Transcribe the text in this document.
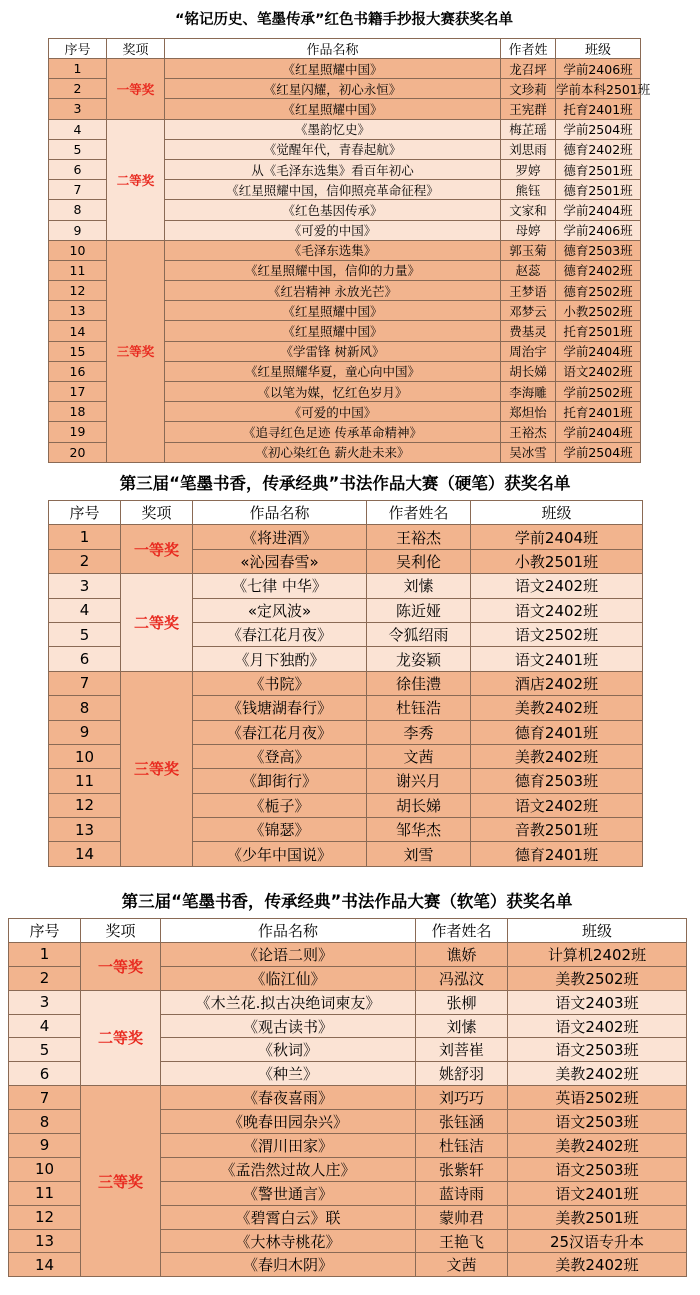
“铭记历史、笔墨传承”红色书籍手抄报大赛获奖名单
序号	奖项	作品名称	作者姓	班级
1	一等奖	《红星照耀中国》	龙召坪	学前2406班
2		《红星闪耀，初心永恒》	文珍莉	学前本科2501班
3		《红星照耀中国》	王宪群	托育2401班
4	二等奖	《墨韵忆史》	梅芷瑶	学前2504班
5		《觉醒年代，青春起航》	刘思雨	德育2402班
6		从《毛泽东选集》看百年初心	罗婷	德育2501班
7		《红星照耀中国，信仰照亮革命征程》	熊钰	德育2501班
8		《红色基因传承》	文家和	学前2404班
9		《可爱的中国》	母婷	学前2406班
10	三等奖	《毛泽东选集》	郭玉菊	德育2503班
11		《红星照耀中国，信仰的力量》	赵蕊	德育2402班
12		《红岩精神 永放光芒》	王梦语	德育2502班
13		《红星照耀中国》	邓梦云	小教2502班
14		《红星照耀中国》	费基灵	托育2501班
15		《学雷锋 树新风》	周治宇	学前2404班
16		《红星照耀华夏，童心向中国》	胡长娣	语文2402班
17		《以笔为媒，忆红色岁月》	李海雕	学前2502班
18		《可爱的中国》	郑炟怡	托育2401班
19		《追寻红色足迹 传承革命精神》	王裕杰	学前2404班
20		《初心染红色 薪火赴未来》	吴冰雪	学前2504班
第三届“笔墨书香，传承经典”书法作品大赛（硬笔）获奖名单
序号	奖项	作品名称	作者姓名	班级
1	一等奖	《将进酒》	王裕杰	学前2404班
2		«沁园春雪»	吴利伦	小教2501班
3	二等奖	《七律 中华》	刘愫	语文2402班
4		«定风波»	陈近娅	语文2402班
5		《春江花月夜》	令狐绍雨	语文2502班
6		《月下独酌》	龙姿颖	语文2401班
7	三等奖	《书院》	徐佳澧	酒店2402班
8		《钱塘湖春行》	杜钰浩	美教2402班
9		《春江花月夜》	李秀	德育2401班
10		《登高》	文茜	美教2402班
11		《卸街行》	谢兴月	德育2503班
12		《栀子》	胡长娣	语文2402班
13		《锦瑟》	邹华杰	音教2501班
14		《少年中国说》	刘雪	德育2401班
第三届“笔墨书香，传承经典”书法作品大赛（软笔）获奖名单
序号	奖项	作品名称	作者姓名	班级
1	一等奖	《论语二则》	谯娇	计算机2402班
2		《临江仙》	冯泓汶	美教2502班
3	二等奖	《木兰花.拟古决绝词柬友》	张柳	语文2403班
4		《观古读书》	刘愫	语文2402班
5		《秋词》	刘菩崔	语文2503班
6		《种兰》	姚舒羽	美教2402班
7	三等奖	《春夜喜雨》	刘巧巧	英语2502班
8		《晚春田园杂兴》	张钰涵	语文2503班
9		《渭川田家》	杜钰洁	美教2402班
10		《孟浩然过故人庄》	张紫轩	语文2503班
11		《警世通言》	蓝诗雨	语文2401班
12		《碧霄白云》联	蒙帅君	美教2501班
13		《大林寺桃花》	王艳飞	25汉语专升本
14		《春归木阴》	文茜	美教2402班
